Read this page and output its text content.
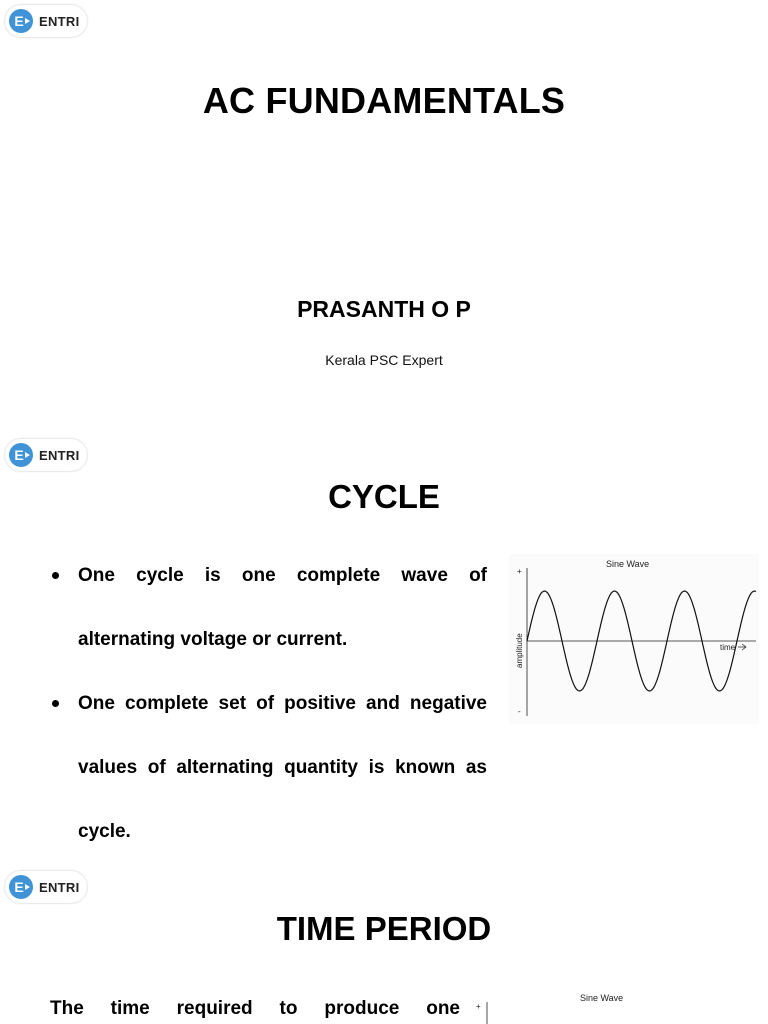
E ENTRI
AC FUNDAMENTALS
PRASANTH O P
Kerala PSC Expert
E ENTRI
CYCLE
One cycle is one complete wave of alternating voltage or current.
One complete set of positive and negative values of alternating quantity is known as cycle.
Sine Wave
+
-
amplitude	time
E ENTRI
TIME PERIOD
The time required to produce one +
Sine Wave
